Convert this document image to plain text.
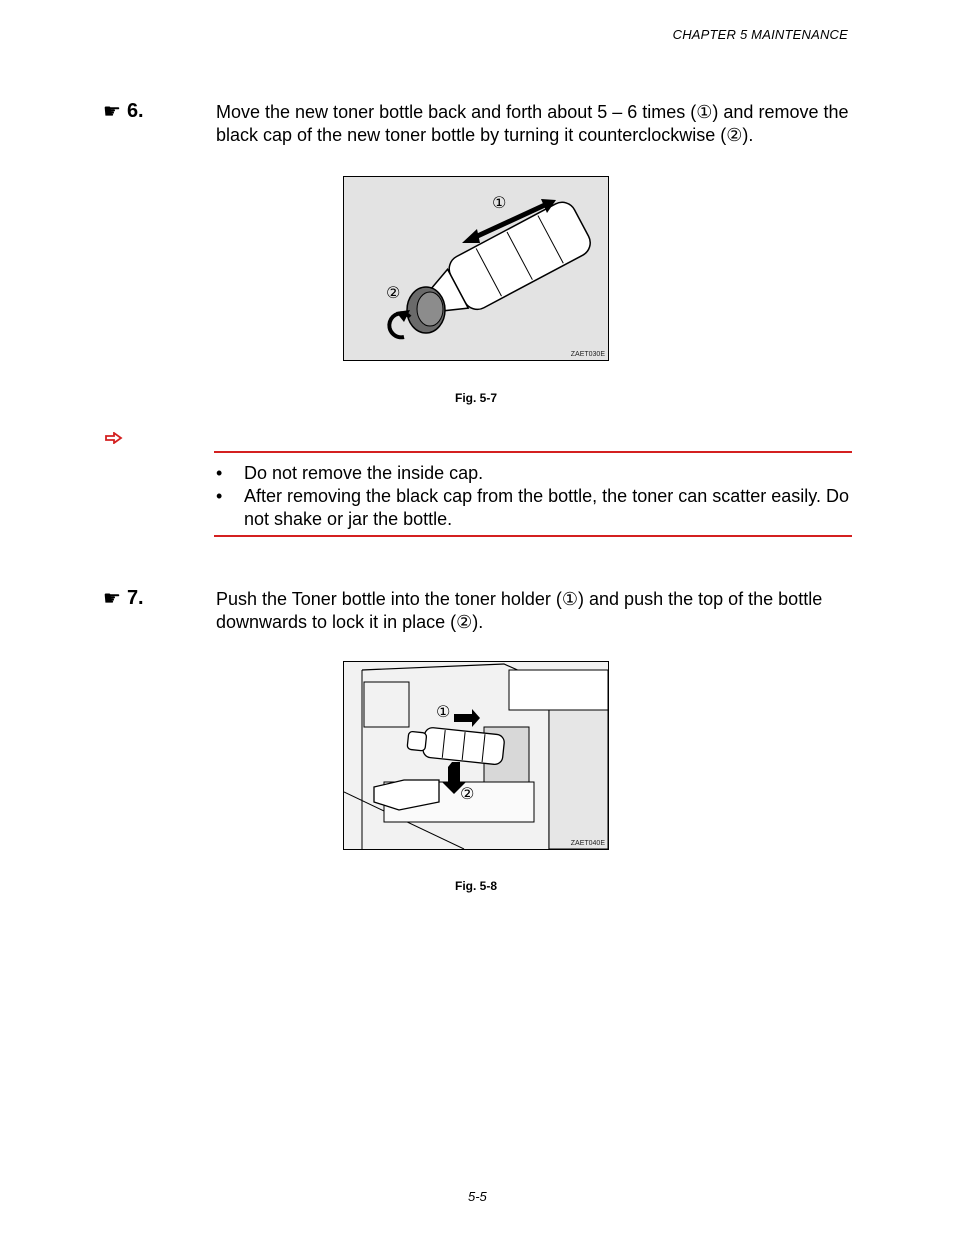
CHAPTER 5 MAINTENANCE
☛ 6.	Move the new toner bottle back and forth about 5 – 6 times (①) and remove the black cap of the new toner bottle by turning it counterclockwise (②).
①
②
ZAET030E
Fig. 5-7
• Do not remove the inside cap.
• After removing the black cap from the bottle, the toner can scatter easily. Do not shake or jar the bottle.
☛ 7.	Push the Toner bottle into the toner holder (①) and push the top of the bottle downwards to lock it in place (②).
①
②
ZAET040E
Fig. 5-8
5-5
